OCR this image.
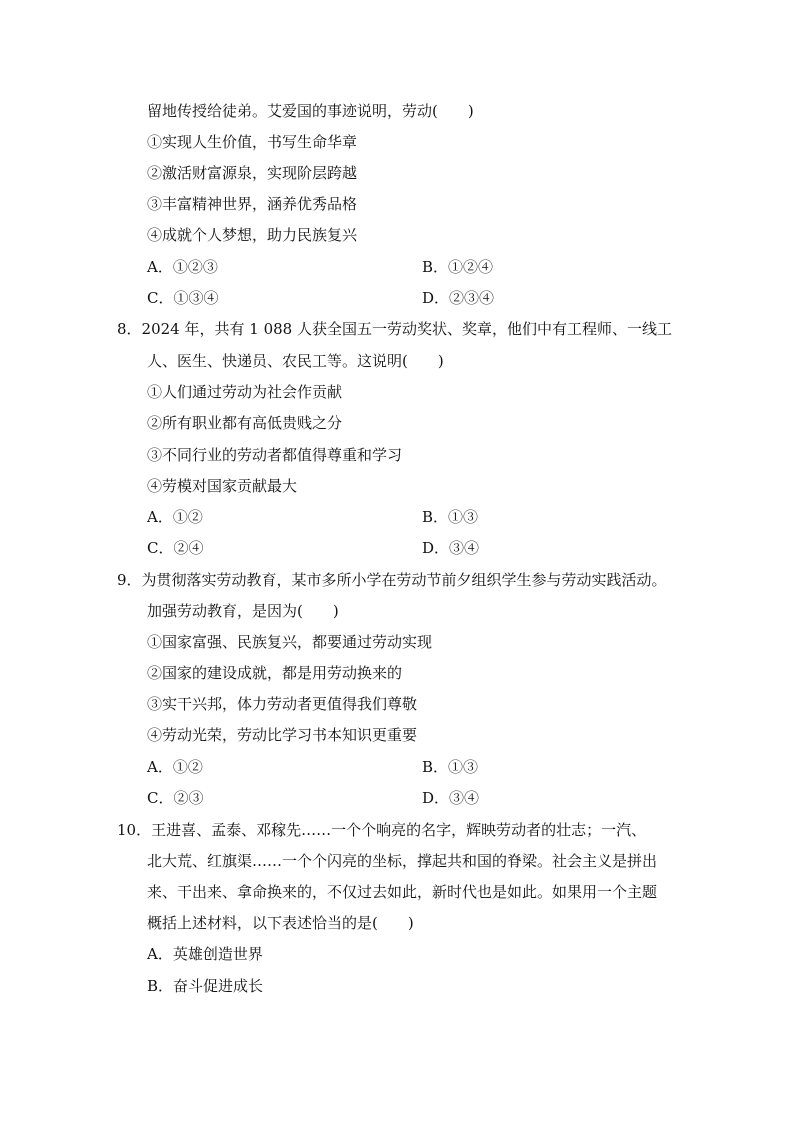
留地传授给徒弟。艾爱国的事迹说明，劳动(　　)
①实现人生价值，书写生命华章
②激活财富源泉，实现阶层跨越
③丰富精神世界，涵养优秀品格
④成就个人梦想，助力民族复兴
A．①②③	B．①②④
C．①③④	D．②③④
8．2024 年，共有 1 088 人获全国五一劳动奖状、奖章，他们中有工程师、一线工
人、医生、快递员、农民工等。这说明(　　)
①人们通过劳动为社会作贡献
②所有职业都有高低贵贱之分
③不同行业的劳动者都值得尊重和学习
④劳模对国家贡献最大
A．①②	B．①③
C．②④	D．③④
9．为贯彻落实劳动教育，某市多所小学在劳动节前夕组织学生参与劳动实践活动。
加强劳动教育，是因为(　　)
①国家富强、民族复兴，都要通过劳动实现
②国家的建设成就，都是用劳动换来的
③实干兴邦，体力劳动者更值得我们尊敬
④劳动光荣，劳动比学习书本知识更重要
A．①②	B．①③
C．②③	D．③④
10．王进喜、孟泰、邓稼先……一个个响亮的名字，辉映劳动者的壮志；一汽、
北大荒、红旗渠……一个个闪亮的坐标，撑起共和国的脊梁。社会主义是拼出
来、干出来、拿命换来的，不仅过去如此，新时代也是如此。如果用一个主题
概括上述材料，以下表述恰当的是(　　)
A．英雄创造世界
B．奋斗促进成长
